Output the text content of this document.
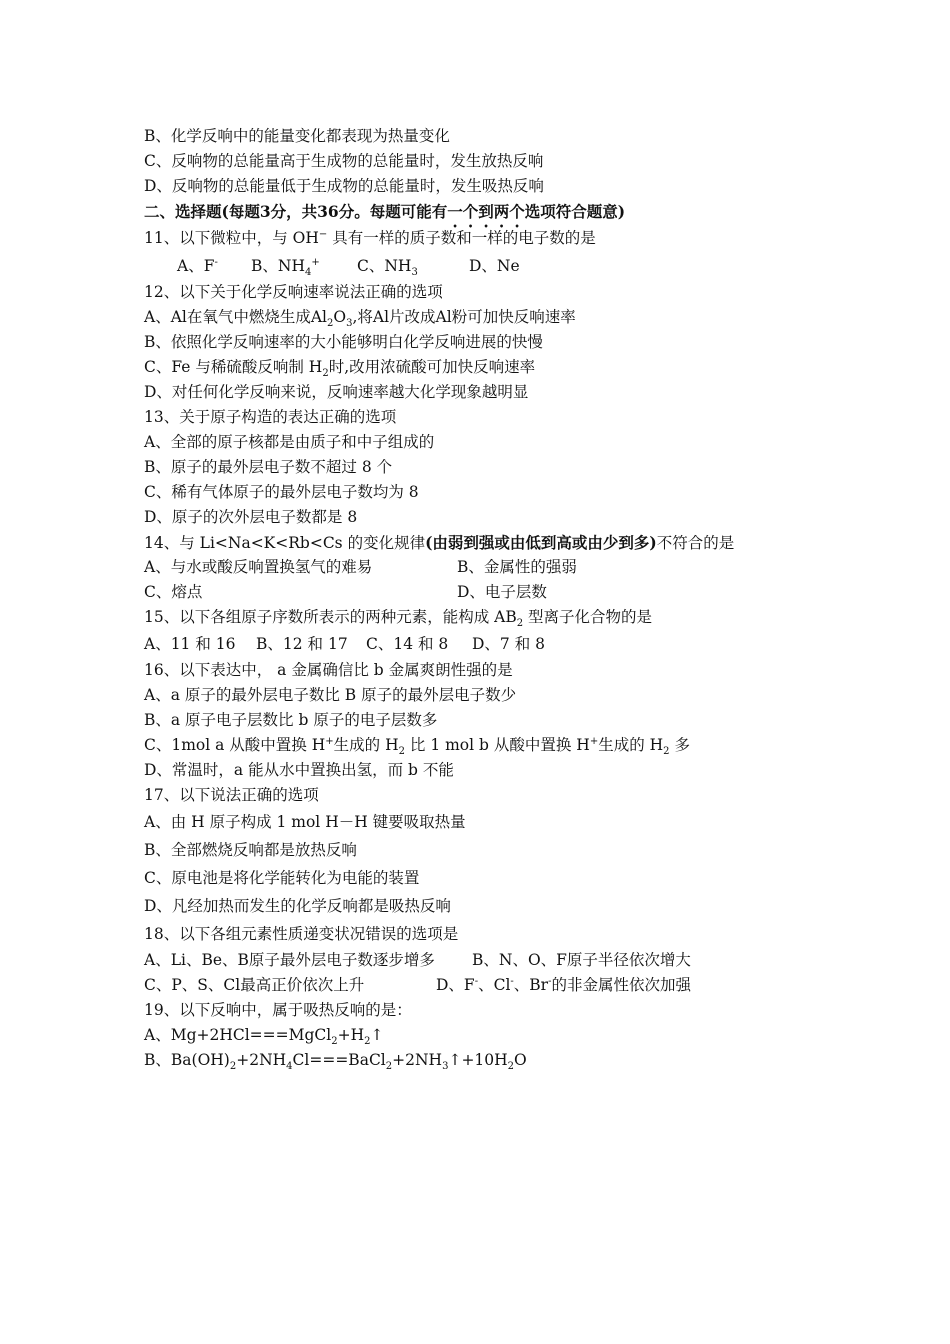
B、化学反响中的能量变化都表现为热量变化
C、反响物的总能量高于生成物的总能量时，发生放热反响
D、反响物的总能量低于生成物的总能量时，发生吸热反响
二、选择题(每题3分，共36分。每题可能有一个到两个选项符合题意)
11、以下微粒中，与 OH− 具有一样的质子数和一样的电子数的是
A、F- B、$NH_4^+$ C、$NH_3$	D、Ne
12、以下关于化学反响速率说法正确的选项
A、Al在氧气中燃烧生成$Al_2O_3$,将Al片改成Al粉可加快反响速率
B、依照化学反响速率的大小能够明白化学反响进展的快慢
C、Fe 与稀硫酸反响制 $H_2$时,改用浓硫酸可加快反响速率
D、对任何化学反响来说，反响速率越大化学现象越明显
13、关于原子构造的表达正确的选项
A、全部的原子核都是由质子和中子组成的
B、原子的最外层电子数不超过 8 个
C、稀有气体原子的最外层电子数均为 8
D、原子的次外层电子数都是 8
14、与 Li<Na<K<Rb<Cs 的变化规律(由弱到强或由低到高或由少到多)不符合的是
A、与水或酸反响置换氢气的难易	B、金属性的强弱
C、熔点	D、电子层数
15、以下各组原子序数所表示的两种元素，能构成 $AB_2$ 型离子化合物的是
A、11 和 16 B、12 和 17 C、14 和 8 D、7 和 8
16、以下表达中， a 金属确信比 b 金属爽朗性强的是
A、a 原子的最外层电子数比 B 原子的最外层电子数少
B、a 原子电子层数比 b 原子的电子层数多
C、1mol a 从酸中置换 H+生成的 $H_2$ 比 1 mol b 从酸中置换 H+生成的 $H_2$ 多
D、常温时，a 能从水中置换出氢，而 b 不能
17、以下说法正确的选项
A、由 H 原子构成 1 mol H－H 键要吸取热量
B、全部燃烧反响都是放热反响
C、原电池是将化学能转化为电能的装置
D、凡经加热而发生的化学反响都是吸热反响
18、以下各组元素性质递变状况错误的选项是
A、Li、Be、B原子最外层电子数逐步增多 B、N、O、F原子半径依次增大
C、P、S、Cl最高正价依次上升	D、F-、Cl-、Br-的非金属性依次加强
19、以下反响中，属于吸热反响的是：
A、$Mg+2HCl===MgCl_2+H_2↑$
B、$Ba(OH)_2+2NH_4Cl===BaCl_2+2NH_3↑+10H_2O$
